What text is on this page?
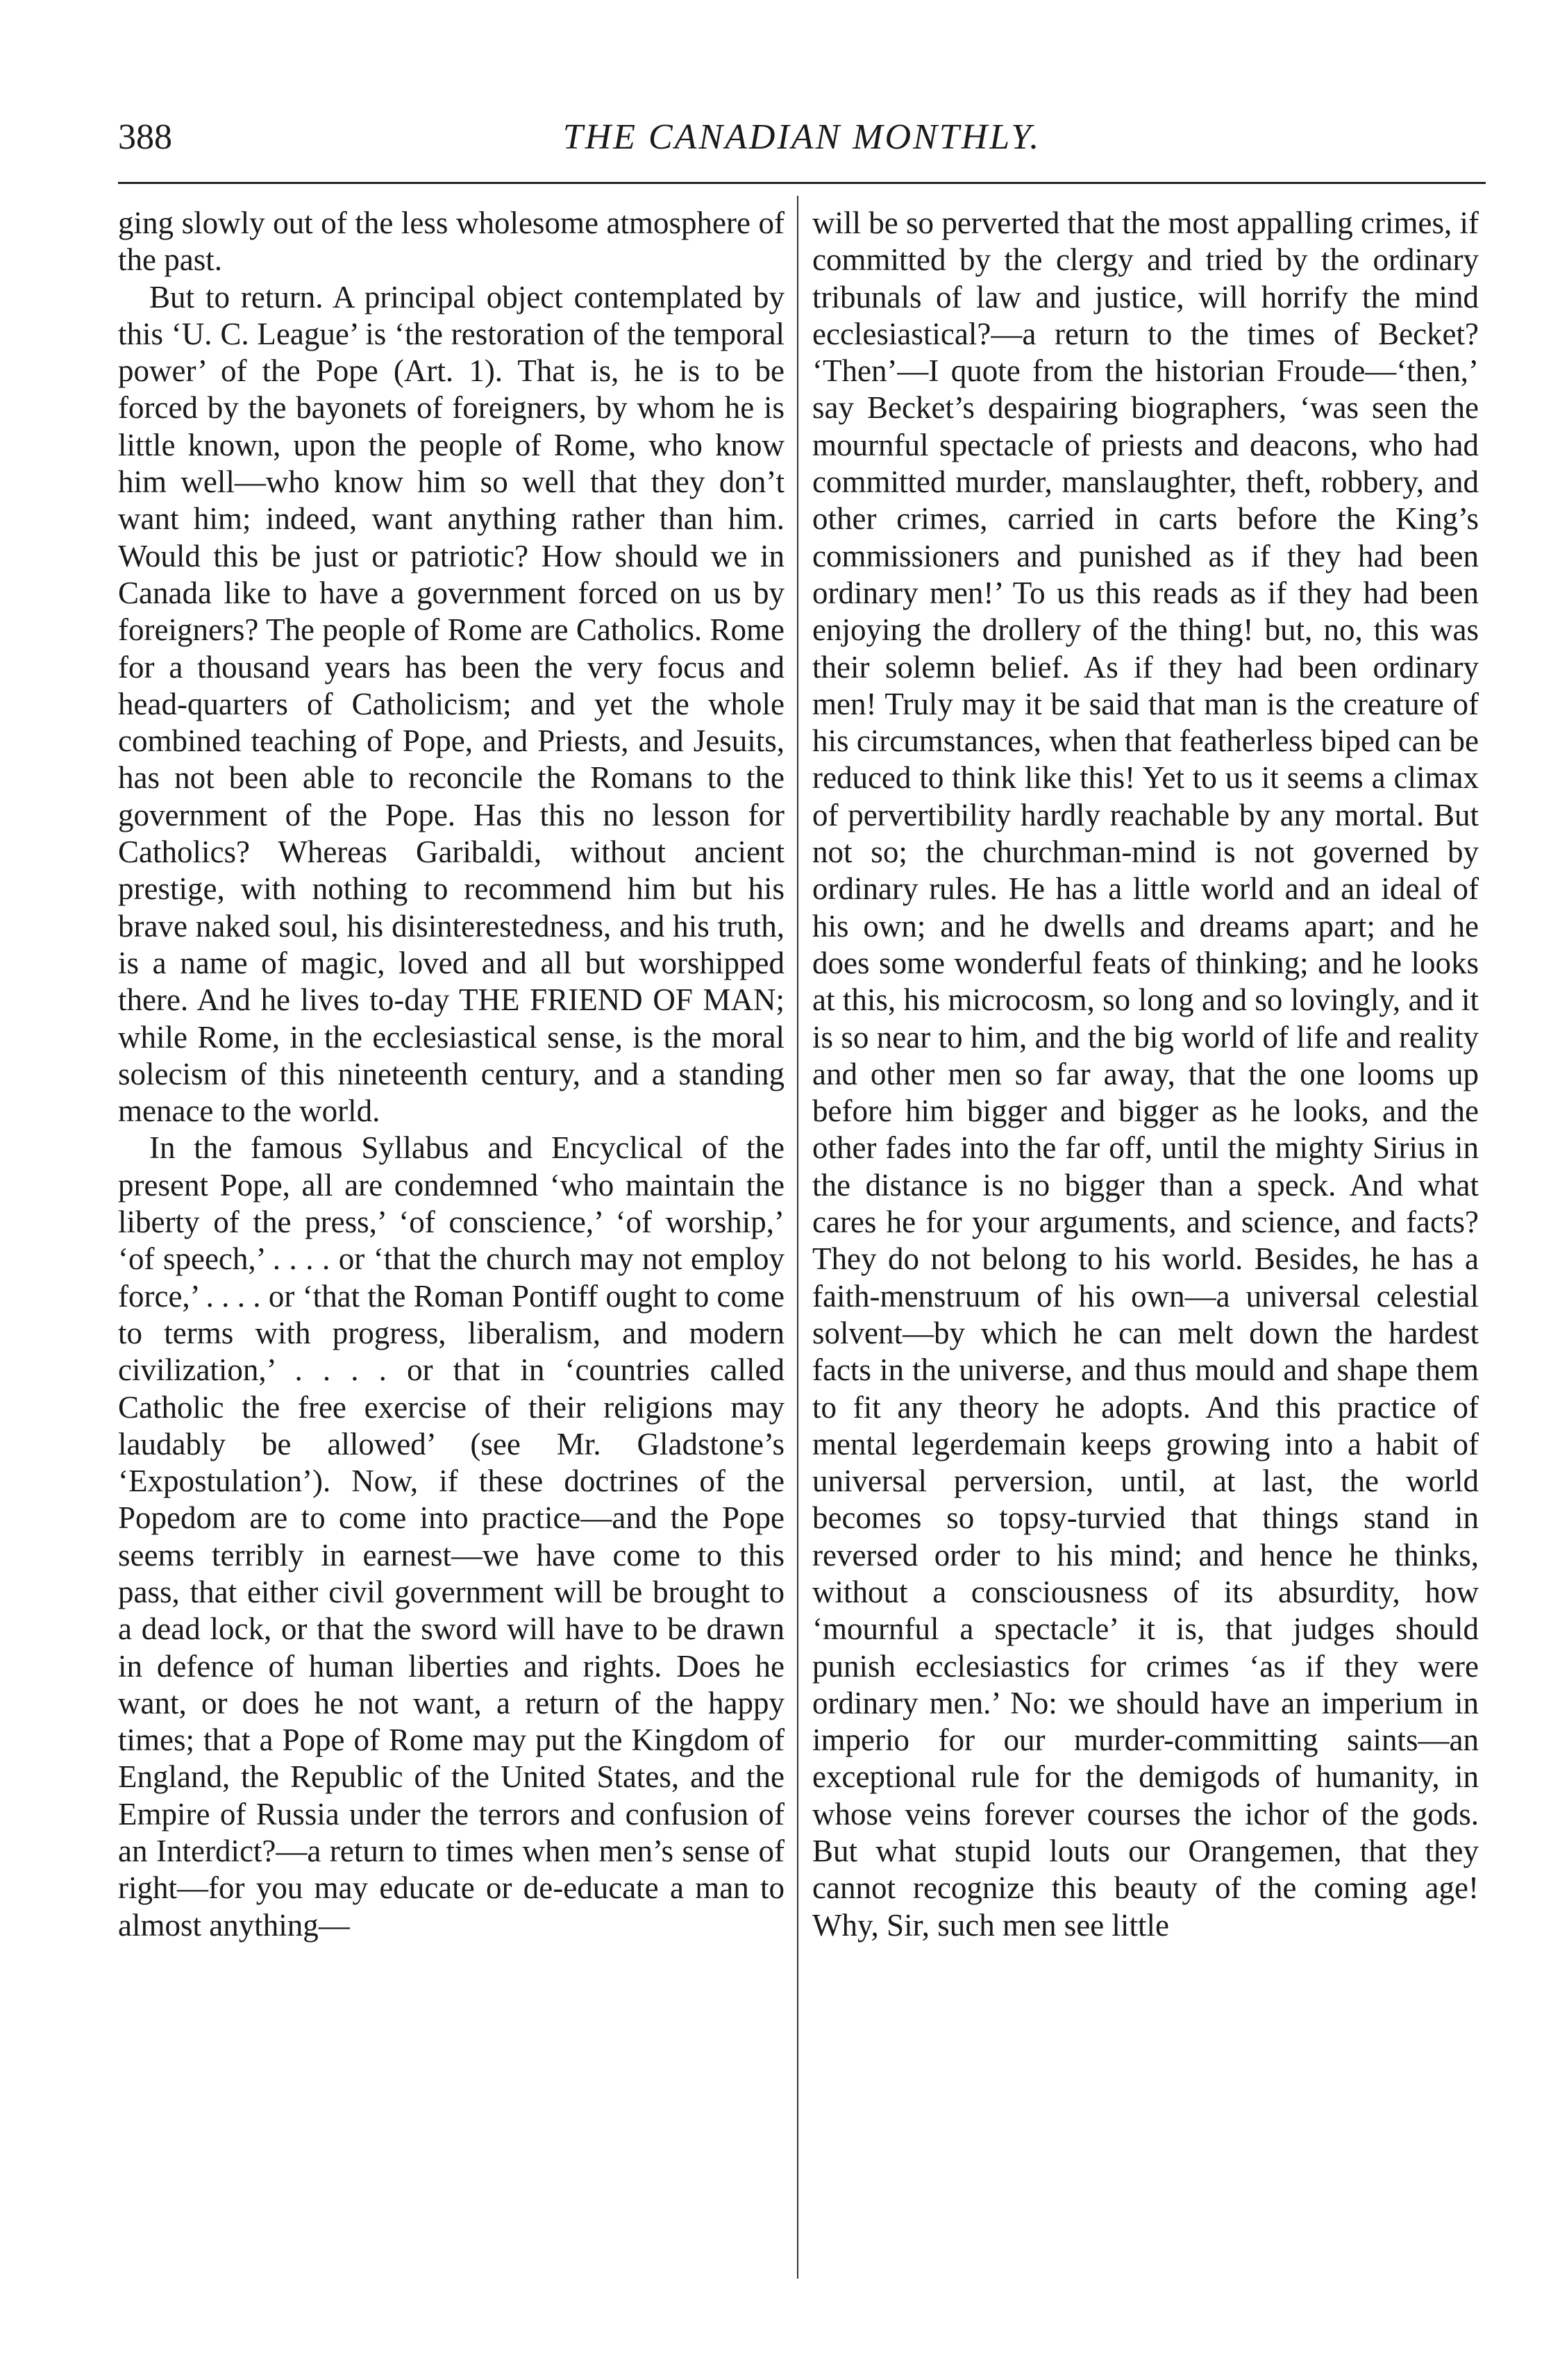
388	THE CANADIAN MONTHLY.

ging slowly out of the less wholesome atmosphere of the past.

But to return. A principal object contemplated by this ‘U. C. League’ is ‘the restoration of the temporal power’ of the Pope (Art. 1). That is, he is to be forced by the bayonets of foreigners, by whom he is little known, upon the people of Rome, who know him well—who know him so well that they don’t want him; indeed, want anything rather than him. Would this be just or patriotic? How should we in Canada like to have a government forced on us by foreigners? The people of Rome are Catholics. Rome for a thousand years has been the very focus and head-quarters of Catholicism; and yet the whole combined teaching of Pope, and Priests, and Jesuits, has not been able to reconcile the Romans to the government of the Pope. Has this no lesson for Catholics? Whereas Garibaldi, without ancient prestige, with nothing to recommend him but his brave naked soul, his disinterestedness, and his truth, is a name of magic, loved and all but worshipped there. And he lives to-day THE FRIEND OF MAN; while Rome, in the ecclesiastical sense, is the moral solecism of this nineteenth century, and a standing menace to the world.

In the famous Syllabus and Encyclical of the present Pope, all are condemned ‘who maintain the liberty of the press,’ ‘of conscience,’ ‘of worship,’ ‘of speech,’ . . . . or ‘that the church may not employ force,’ . . . . or ‘that the Roman Pontiff ought to come to terms with progress, liberalism, and modern civilization,’ . . . . or that in ‘countries called Catholic the free exercise of their religions may laudably be allowed’ (see Mr. Gladstone’s ‘Expostulation’). Now, if these doctrines of the Popedom are to come into practice—and the Pope seems terribly in earnest—we have come to this pass, that either civil government will be brought to a dead lock, or that the sword will have to be drawn in defence of human liberties and rights. Does he want, or does he not want, a return of the happy times; that a Pope of Rome may put the Kingdom of England, the Republic of the United States, and the Empire of Russia under the terrors and confusion of an Interdict?—a return to times when men’s sense of right—for you may educate or de-educate a man to almost anything—

will be so perverted that the most appalling crimes, if committed by the clergy and tried by the ordinary tribunals of law and justice, will horrify the mind ecclesiastical?—a return to the times of Becket? ‘Then’—I quote from the historian Froude—‘then,’ say Becket’s despairing biographers, ‘was seen the mournful spectacle of priests and deacons, who had committed murder, manslaughter, theft, robbery, and other crimes, carried in carts before the King’s commissioners and punished as if they had been ordinary men!’ To us this reads as if they had been enjoying the drollery of the thing! but, no, this was their solemn belief. As if they had been ordinary men! Truly may it be said that man is the creature of his circumstances, when that featherless biped can be reduced to think like this! Yet to us it seems a climax of pervertibility hardly reachable by any mortal. But not so; the churchman-mind is not governed by ordinary rules. He has a little world and an ideal of his own; and he dwells and dreams apart; and he does some wonderful feats of thinking; and he looks at this, his microcosm, so long and so lovingly, and it is so near to him, and the big world of life and reality and other men so far away, that the one looms up before him bigger and bigger as he looks, and the other fades into the far off, until the mighty Sirius in the distance is no bigger than a speck. And what cares he for your arguments, and science, and facts? They do not belong to his world. Besides, he has a faith-menstruum of his own—a universal celestial solvent—by which he can melt down the hardest facts in the universe, and thus mould and shape them to fit any theory he adopts. And this practice of mental legerdemain keeps growing into a habit of universal perversion, until, at last, the world becomes so topsy-turvied that things stand in reversed order to his mind; and hence he thinks, without a consciousness of its absurdity, how ‘mournful a spectacle’ it is, that judges should punish ecclesiastics for crimes ‘as if they were ordinary men.’ No: we should have an imperium in imperio for our murder-committing saints—an exceptional rule for the demigods of humanity, in whose veins forever courses the ichor of the gods. But what stupid louts our Orangemen, that they cannot recognize this beauty of the coming age! Why, Sir, such men see little
